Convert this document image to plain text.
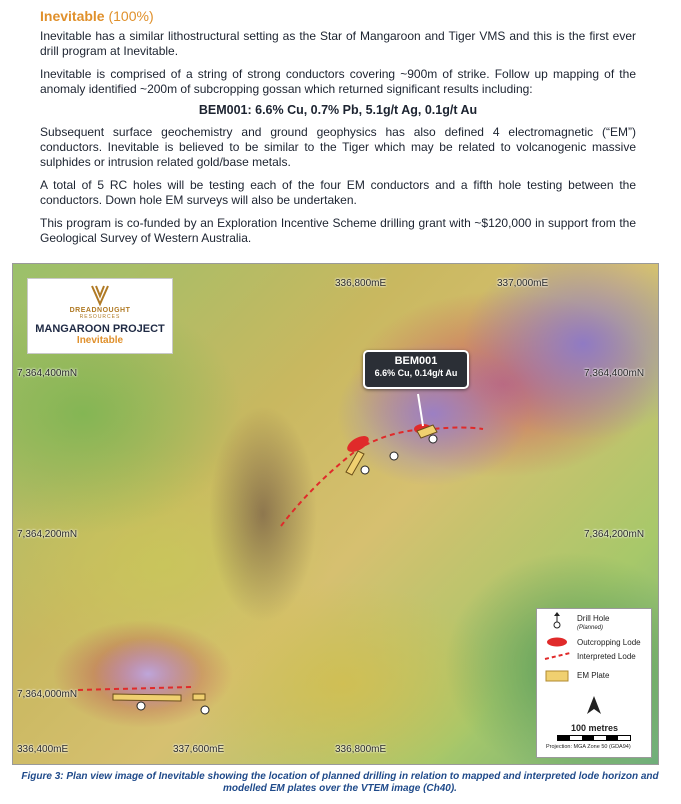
Inevitable (100%)

Inevitable has a similar lithostructural setting as the Star of Mangaroon and Tiger VMS and this is the first ever drill program at Inevitable.

Inevitable is comprised of a string of strong conductors covering ~900m of strike. Follow up mapping of the anomaly identified ~200m of subcropping gossan which returned significant results including:

BEM001: 6.6% Cu, 0.7% Pb, 5.1g/t Ag, 0.1g/t Au

Subsequent surface geochemistry and ground geophysics has also defined 4 electromagnetic (“EM”) conductors. Inevitable is believed to be similar to the Tiger which may be related to volcanogenic massive sulphides or intrusion related gold/base metals.

A total of 5 RC holes will be testing each of the four EM conductors and a fifth hole testing between the conductors. Down hole EM surveys will also be undertaken.

This program is co-funded by an Exploration Incentive Scheme drilling grant with ~$120,000 in support from the Geological Survey of Western Australia.

DREADNOUGHT
RESOURCES
MANGAROON PROJECT
Inevitable
336,800mE	337,000mE
7,364,400mN	7,364,400mN
7,364,200mN	7,364,200mN
7,364,000mN
336,400mE	337,600mE	336,800mE
BEM001
6.6% Cu, 0.14g/t Au
Drill Hole
(Planned)
Outcropping Lode
Interpreted Lode
EM Plate
100 metres
Projection: MGA Zone 50 (GDA94)
Figure 3: Plan view image of Inevitable showing the location of planned drilling in relation to mapped and interpreted lode horizon and modelled EM plates over the VTEM image (Ch40).
